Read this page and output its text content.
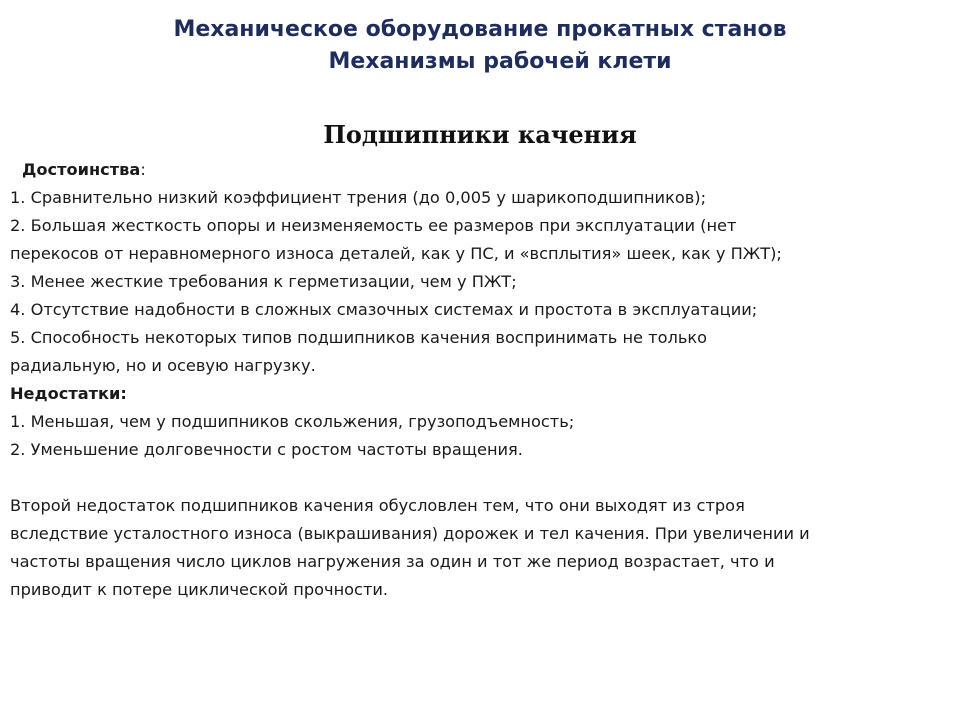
Механическое оборудование прокатных станов
Механизмы рабочей клети
Подшипники качения

Достоинства:

1. Сравнительно низкий коэффициент трения (до 0,005 у шарикоподшипников);

2. Большая жесткость опоры и неизменяемость ее размеров при эксплуатации (нет

перекосов от неравномерного износа деталей, как у ПС, и «всплытия» шеек, как у ПЖТ);

3. Менее жесткие требования к герметизации, чем у ПЖТ;

4. Отсутствие надобности в сложных смазочных системах и простота в эксплуатации;

5. Способность некоторых типов подшипников качения воспринимать не только

радиальную, но и осевую нагрузку.

Недостатки:

1. Меньшая, чем у подшипников скольжения, грузоподъемность;

2. Уменьшение долговечности с ростом частоты вращения.

Второй недостаток подшипников качения обусловлен тем, что они выходят из строя

вследствие усталостного износа (выкрашивания) дорожек и тел качения. При увеличении и

частоты вращения число циклов нагружения за один и тот же период возрастает, что и

приводит к потере циклической прочности.
